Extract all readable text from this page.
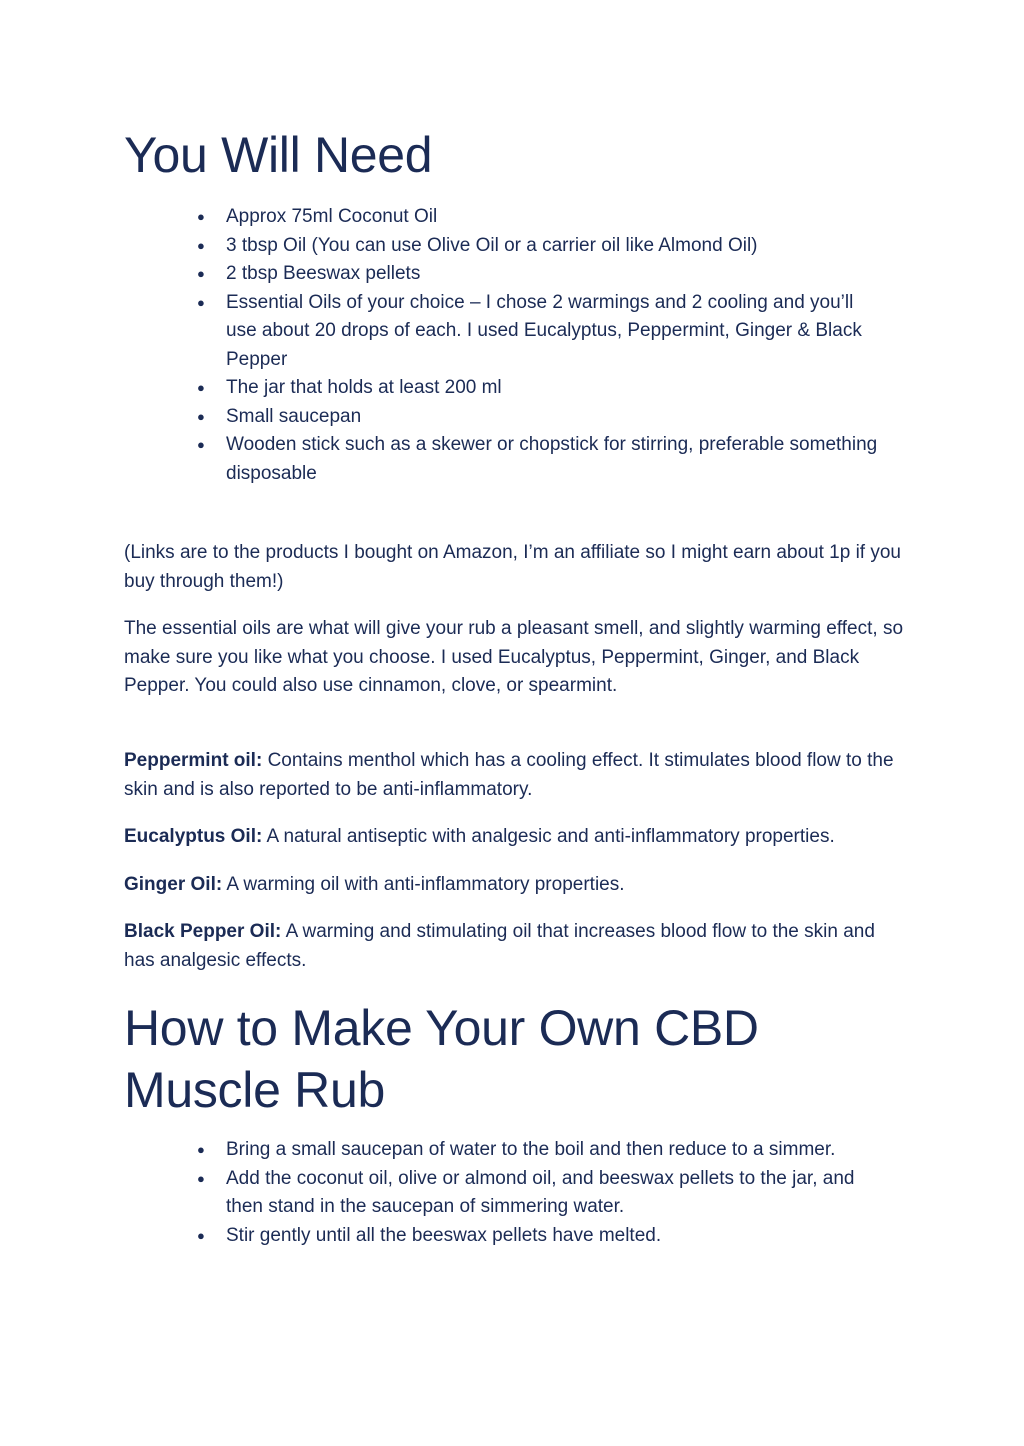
You Will Need
● Approx 75ml Coconut Oil
● 3 tbsp Oil (You can use Olive Oil or a carrier oil like Almond Oil)
● 2 tbsp Beeswax pellets
● Essential Oils of your choice – I chose 2 warmings and 2 cooling and you’ll use about 20 drops of each. I used Eucalyptus, Peppermint, Ginger & Black Pepper
● The jar that holds at least 200 ml
● Small saucepan
● Wooden stick such as a skewer or chopstick for stirring, preferable something disposable

(Links are to the products I bought on Amazon, I’m an affiliate so I might earn about 1p if you buy through them!)

The essential oils are what will give your rub a pleasant smell, and slightly warming effect, so make sure you like what you choose. I used Eucalyptus, Peppermint, Ginger, and Black Pepper. You could also use cinnamon, clove, or spearmint.

Peppermint oil: Contains menthol which has a cooling effect. It stimulates blood flow to the skin and is also reported to be anti-inflammatory.

Eucalyptus Oil: A natural antiseptic with analgesic and anti-inflammatory properties.

Ginger Oil: A warming oil with anti-inflammatory properties.

Black Pepper Oil: A warming and stimulating oil that increases blood flow to the skin and has analgesic effects.

How to Make Your Own CBD Muscle Rub
● Bring a small saucepan of water to the boil and then reduce to a simmer.
● Add the coconut oil, olive or almond oil, and beeswax pellets to the jar, and then stand in the saucepan of simmering water.
● Stir gently until all the beeswax pellets have melted.
